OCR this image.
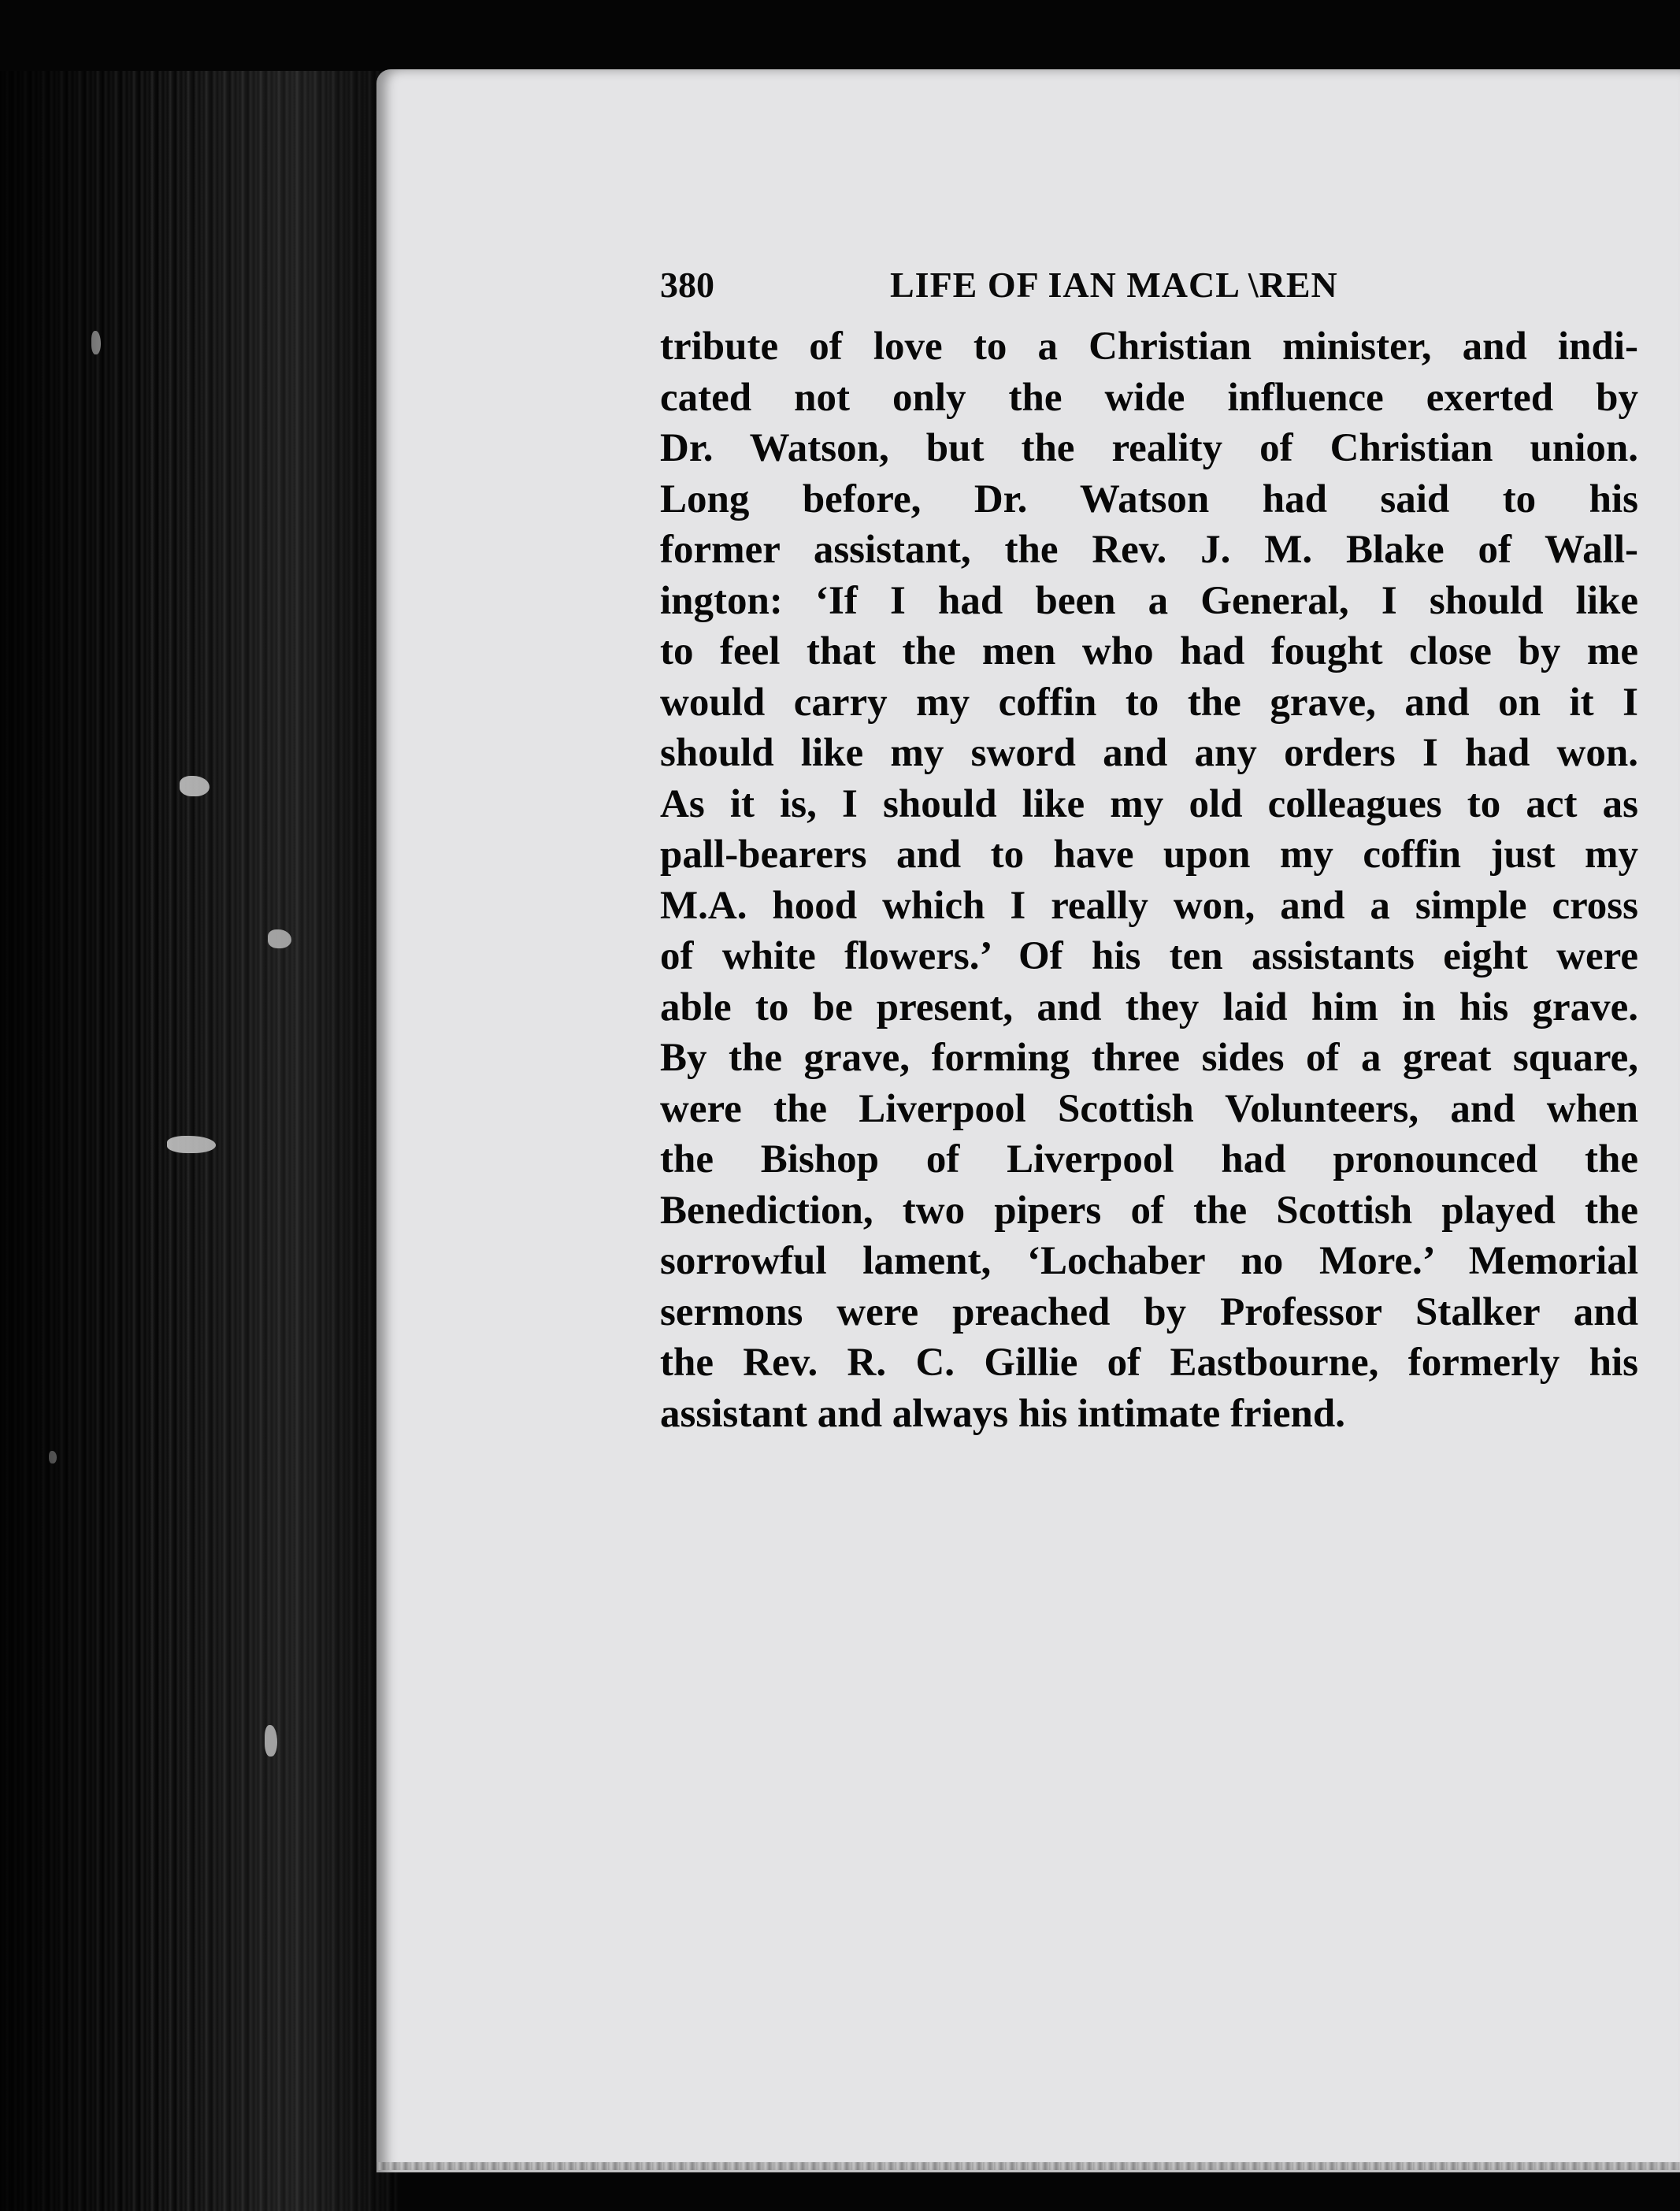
380	LIFE OF IAN MACL \REN
tribute of love to a Christian minister, and indi-
cated not only the wide influence exerted by
Dr. Watson, but the reality of Christian union.
Long before, Dr. Watson had said to his
former assistant, the Rev. J. M. Blake of Wall-
ington: ‘If I had been a General, I should like
to feel that the men who had fought close by me
would carry my coffin to the grave, and on it I
should like my sword and any orders I had won.
As it is, I should like my old colleagues to act as
pall-bearers and to have upon my coffin just my
M.A. hood which I really won, and a simple cross
of white flowers.’ Of his ten assistants eight were
able to be present, and they laid him in his grave.
By the grave, forming three sides of a great square,
were the Liverpool Scottish Volunteers, and when
the Bishop of Liverpool had pronounced the
Benediction, two pipers of the Scottish played the
sorrowful lament, ‘Lochaber no More.’ Memorial
sermons were preached by Professor Stalker and
the Rev. R. C. Gillie of Eastbourne, formerly his
assistant and always his intimate friend.
